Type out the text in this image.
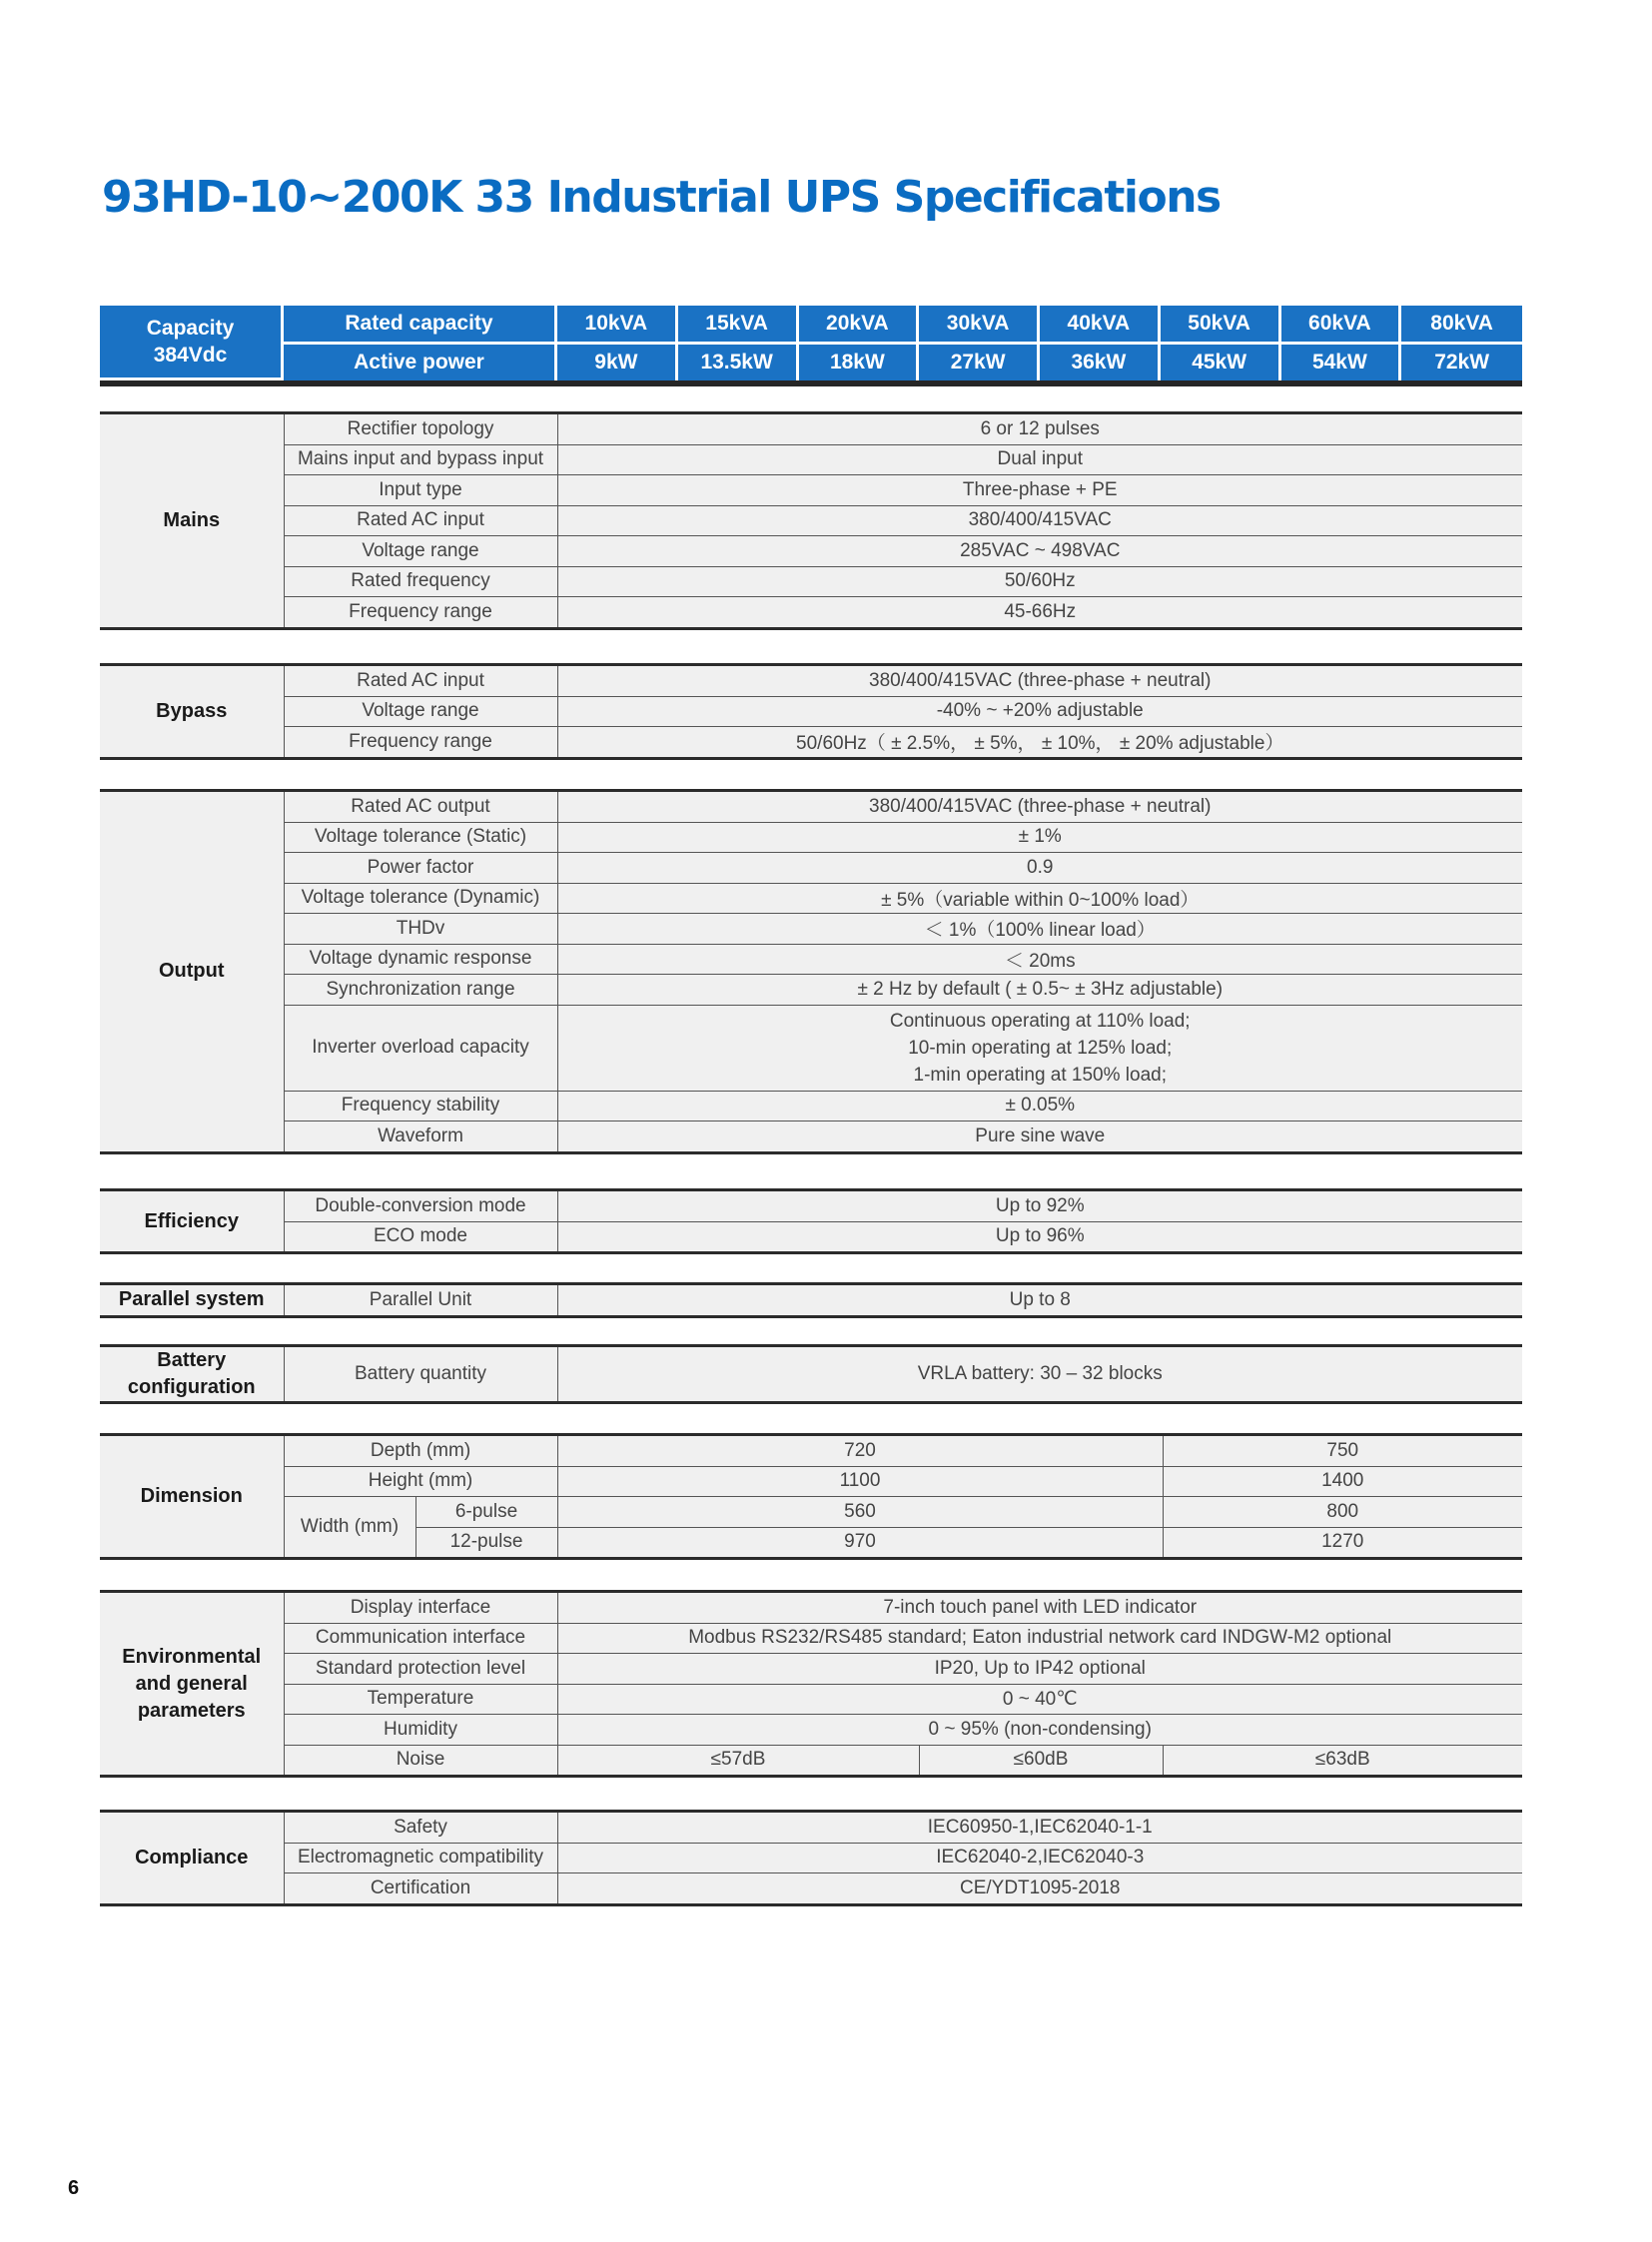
93HD-10~200K 33 Industrial UPS Specifications
Capacity
384Vdc	Rated capacity	10kVA	15kVA	20kVA	30kVA	40kVA	50kVA	60kVA	80kVA
	Active power	9kW	13.5kW	18kW	27kW	36kW	45kW	54kW	72kW
Mains	Rectifier topology	6 or 12 pulses
	Mains input and bypass input	Dual input
	Input type	Three-phase + PE
	Rated AC input	380/400/415VAC
	Voltage range	285VAC ~ 498VAC
	Rated frequency	50/60Hz
	Frequency range	45-66Hz
Bypass	Rated AC input	380/400/415VAC (three-phase + neutral)
	Voltage range	-40% ~ +20% adjustable
	Frequency range	50/60Hz（ ± 2.5%， ± 5%， ± 10%， ± 20% adjustable）
Output	Rated AC output	380/400/415VAC (three-phase + neutral)
	Voltage tolerance (Static)	± 1%
	Power factor	0.9
	Voltage tolerance (Dynamic)	± 5%（variable within 0~100% load）
	THDv	＜ 1%（100% linear load）
	Voltage dynamic response	＜ 20ms
	Synchronization range	± 2 Hz by default ( ± 0.5~ ± 3Hz adjustable)
	Inverter overload capacity	Continuous operating at 110% load;
10-min operating at 125% load;
1-min operating at 150% load;
	Frequency stability	± 0.05%
	Waveform	Pure sine wave
Efficiency	Double-conversion mode	Up to 92%
	ECO mode	Up to 96%
Parallel system	Parallel Unit	Up to 8
Battery
configuration	Battery quantity	VRLA battery: 30 – 32 blocks
Dimension	Depth (mm)		720	750
	Height (mm)		1100	1400
	Width (mm)	6-pulse	560	800
		12-pulse	970	1270
Environmental
and general
parameters	Display interface	7-inch touch panel with LED indicator		
	Communication interface	Modbus RS232/RS485 standard; Eaton industrial network card INDGW-M2 optional		
	Standard protection level	IP20, Up to IP42 optional		
	Temperature	0 ~ 40℃		
	Humidity	0 ~ 95% (non-condensing)		
	Noise	≤57dB	≤60dB	≤63dB
Compliance	Safety	IEC60950-1,IEC62040-1-1
	Electromagnetic compatibility	IEC62040-2,IEC62040-3
	Certification	CE/YDT1095-2018
6
